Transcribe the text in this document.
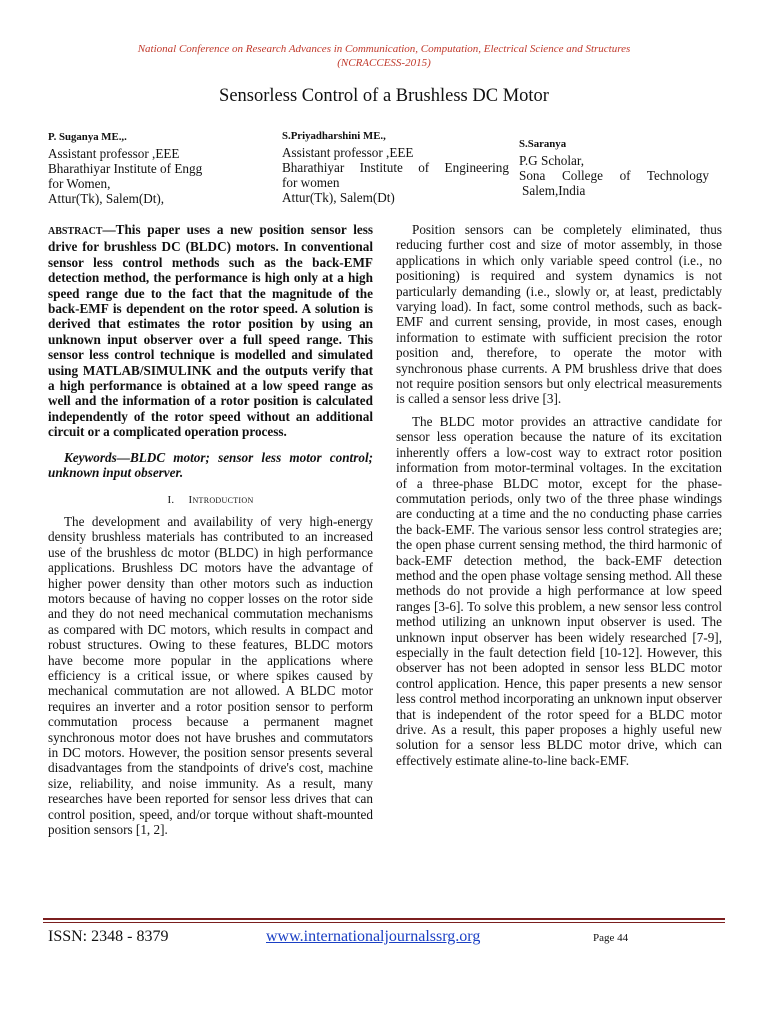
National Conference on Research Advances in Communication, Computation, Electrical Science and Structures
(NCRACCESS-2015)
Sensorless Control of a Brushless DC Motor
P. Suganya ME.,.
Assistant professor ,EEE
Bharathiyar Institute of Engg
for Women,
Attur(Tk), Salem(Dt),
S.Priyadharshini ME.,
Assistant professor ,EEE
Bharathiyar Institute of Engineering
for women
Attur(Tk), Salem(Dt)
S.Saranya
P.G Scholar,
Sona College of Technology
Salem,India

ABSTRACT—This paper uses a new position sensor less drive for brushless DC (BLDC) motors. In conventional sensor less control methods such as the back-EMF detection method, the performance is high only at a high speed range due to the fact that the magnitude of the back-EMF is dependent on the rotor speed. A solution is derived that estimates the rotor position by using an unknown input observer over a full speed range. This sensor less control technique is modelled and simulated using MATLAB/SIMULINK and the outputs verify that a high performance is obtained at a low speed range as well and the information of a rotor position is calculated independently of the rotor speed without an additional circuit or a complicated operation process.

Keywords—BLDC motor; sensor less motor control; unknown input observer.

I. Introduction

The development and availability of very high-energy density brushless materials has contributed to an increased use of the brushless dc motor (BLDC) in high performance applications. Brushless DC motors have the advantage of higher power density than other motors such as induction motors because of having no copper losses on the rotor side and they do not need mechanical commutation mechanisms as compared with DC motors, which results in compact and robust structures. Owing to these features, BLDC motors have become more popular in the applications where efficiency is a critical issue, or where spikes caused by mechanical commutation are not allowed. A BLDC motor requires an inverter and a rotor position sensor to perform commutation process because a permanent magnet synchronous motor does not have brushes and commutators in DC motors. However, the position sensor presents several disadvantages from the standpoints of drive's cost, machine size, reliability, and noise immunity. As a result, many researches have been reported for sensor less drives that can control position, speed, and/or torque without shaft-mounted position sensors [1, 2].

Position sensors can be completely eliminated, thus reducing further cost and size of motor assembly, in those applications in which only variable speed control (i.e., no positioning) is required and system dynamics is not particularly demanding (i.e., slowly or, at least, predictably varying load). In fact, some control methods, such as back-EMF and current sensing, provide, in most cases, enough information to estimate with sufficient precision the rotor position and, therefore, to operate the motor with synchronous phase currents. A PM brushless drive that does not require position sensors but only electrical measurements is called a sensor less drive [3].

The BLDC motor provides an attractive candidate for sensor less operation because the nature of its excitation inherently offers a low-cost way to extract rotor position information from motor-terminal voltages. In the excitation of a three-phase BLDC motor, except for the phase-commutation periods, only two of the three phase windings are conducting at a time and the no conducting phase carries the back-EMF. The various sensor less control strategies are; the open phase current sensing method, the third harmonic of back-EMF detection method, the back-EMF detection method and the open phase voltage sensing method. All these methods do not provide a high performance at low speed ranges [3-6]. To solve this problem, a new sensor less control method utilizing an unknown input observer is used. The unknown input observer has been widely researched [7-9], especially in the fault detection field [10-12]. However, this observer has not been adopted in sensor less BLDC motor control application. Hence, this paper presents a new sensor less control method incorporating an unknown input observer that is independent of the rotor speed for a BLDC motor drive. As a result, this paper proposes a highly useful new solution for a sensor less BLDC motor drive, which can effectively estimate aline-to-line back-EMF.

ISSN: 2348 - 8379	www.internationaljournalssrg.org	Page 44
